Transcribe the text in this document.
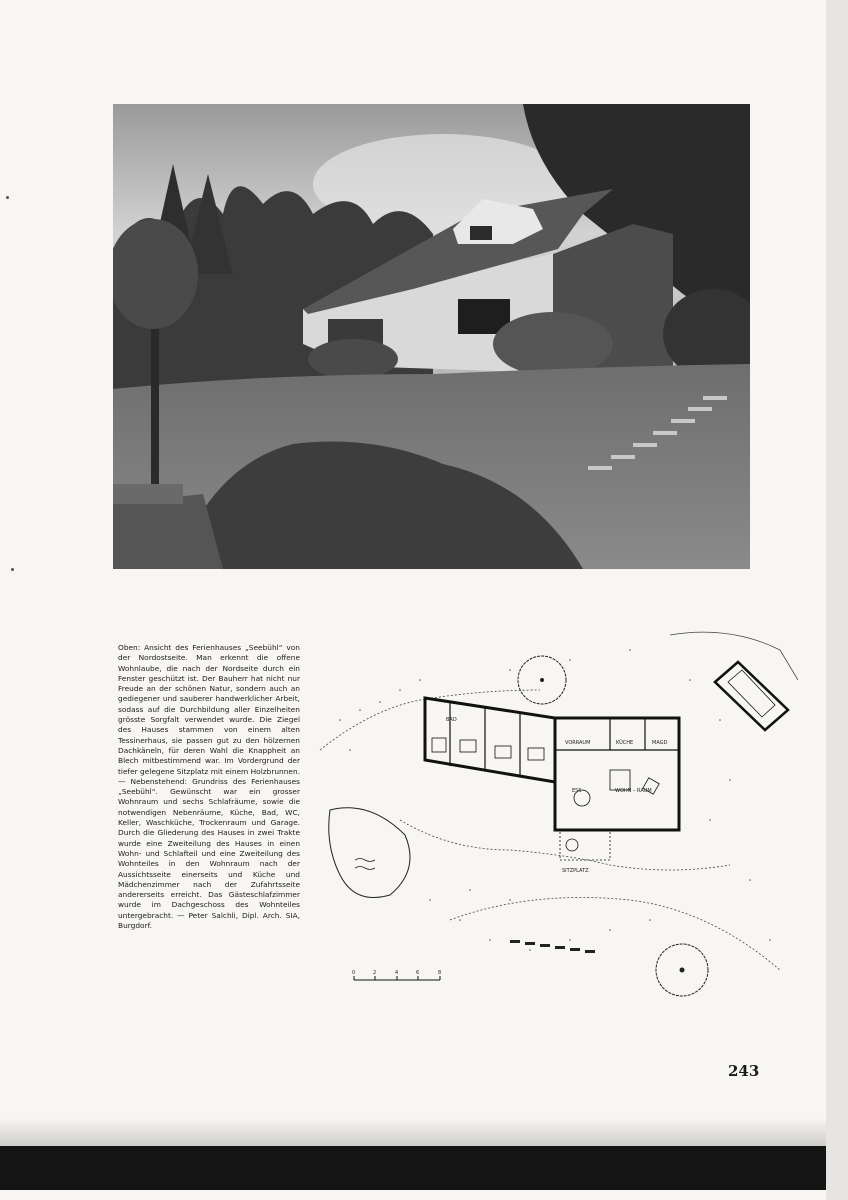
Oben: Ansicht des Ferienhauses „Seebühl“ von der Nordostseite. Man erkennt die offene Wohnlaube, die nach der Nordseite durch ein Fenster geschützt ist. Der Bauherr hat nicht nur Freude an der schönen Natur, sondern auch an gediegener und sauberer handwerklicher Arbeit, sodass auf die Durchbildung aller Einzelheiten grösste Sorgfalt verwendet wurde. Die Ziegel des Hauses stammen von einem alten Tessinerhaus, sie passen gut zu den hölzernen Dachkäneln, für deren Wahl die Knappheit an Blech mitbestimmend war. Im Vordergrund der tiefer gelegene Sitzplatz mit einem Holzbrunnen. — Nebenstehend: Grundriss des Ferienhauses „Seebühl“. Gewünscht war ein grosser Wohnraum und sechs Schlafräume, sowie die notwendigen Nebenräume, Küche, Bad, WC, Keller, Waschküche, Trockenraum und Garage. Durch die Gliederung des Hauses in zwei Trakte wurde eine Zweiteilung des Hauses in einen Wohn- und Schlafteil und eine Zweiteilung des Wohnteiles in den Wohnraum nach der Aussichtsseite einerseits und Küche und Mädchenzimmer nach der Zufahrtsseite andererseits erreicht. Das Gästeschlafzimmer wurde im Dachgeschoss des Wohnteiles untergebracht. — Peter Salchli, Dipl. Arch. SIA, Burgdorf.
BAD
VORRAUM	KÜCHE	MAGD
ESS –	WOHN – RAUM
SITZPLATZ
0	2	4	6	8
243
